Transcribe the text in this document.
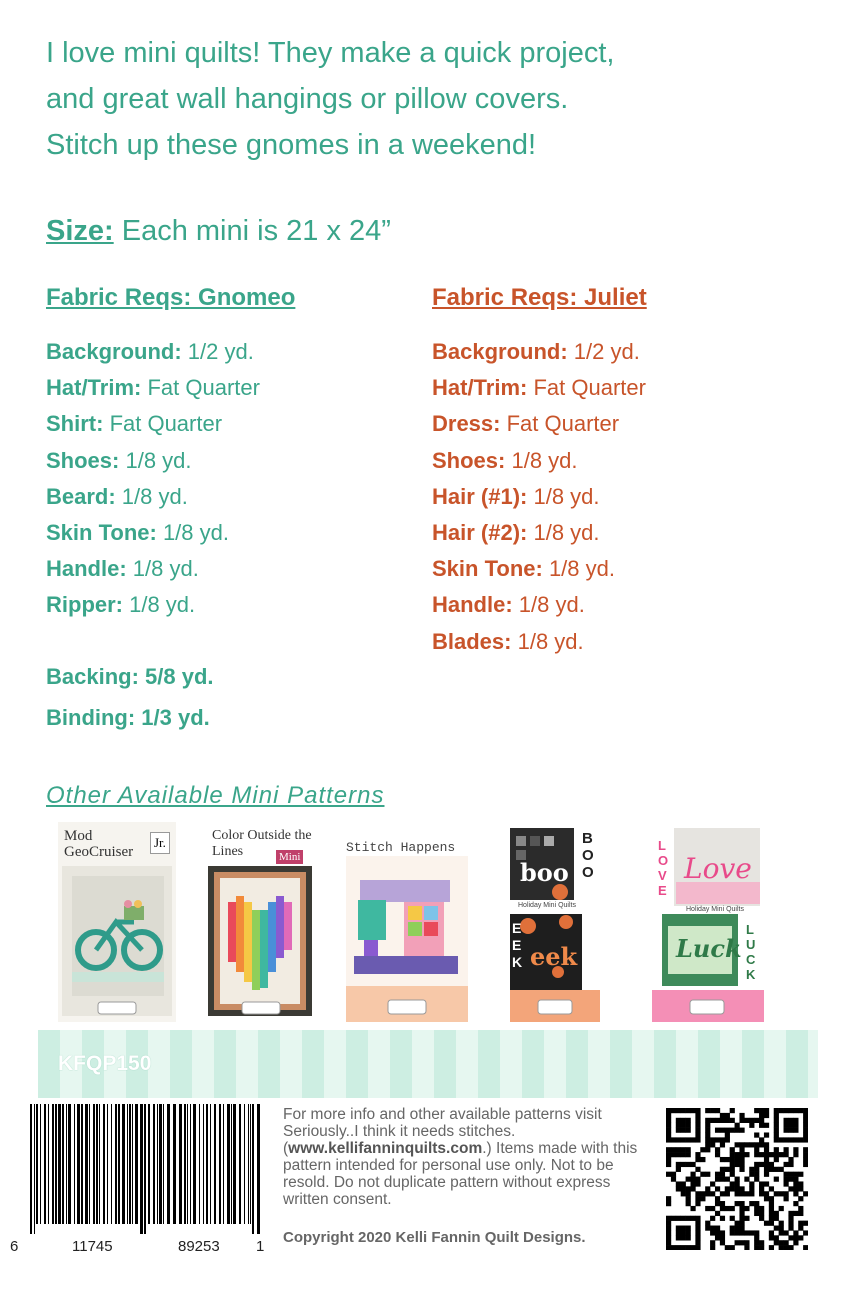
I love mini quilts! They make a quick project,
and great wall hangings or pillow covers.
Stitch up these gnomes in a weekend!
Size: Each mini is 21 x 24”
Fabric Reqs: Gnomeo
Background: 1/2 yd.
Hat/Trim: Fat Quarter
Shirt: Fat Quarter
Shoes: 1/8 yd.
Beard: 1/8 yd.
Skin Tone: 1/8 yd.
Handle: 1/8 yd.
Ripper: 1/8 yd.
Fabric Reqs: Juliet
Background: 1/2 yd.
Hat/Trim: Fat Quarter
Dress: Fat Quarter
Shoes: 1/8 yd.
Hair (#1): 1/8 yd.
Hair (#2): 1/8 yd.
Skin Tone: 1/8 yd.
Handle: 1/8 yd.
Blades: 1/8 yd.
Backing: 5/8 yd.
Binding: 1/3 yd.
Other Available Mini Patterns
Mod GeoCruiser
Jr.	Color Outside the Lines	Mini
Stitch Happens
boo
eek
BOO
EEK
Holiday Mini Quilts
Love
Luck
LOVE
LUCK
Holiday Mini Quilts
KFQP150
6	11745	89253 1
For more info and other available patterns visit Seriously..I think it needs stitches. (www.kellifanninquilts.com.) Items made with this pattern intended for personal use only. Not to be resold. Do not duplicate pattern without express written consent.
Copyright 2020 Kelli Fannin Quilt Designs.
